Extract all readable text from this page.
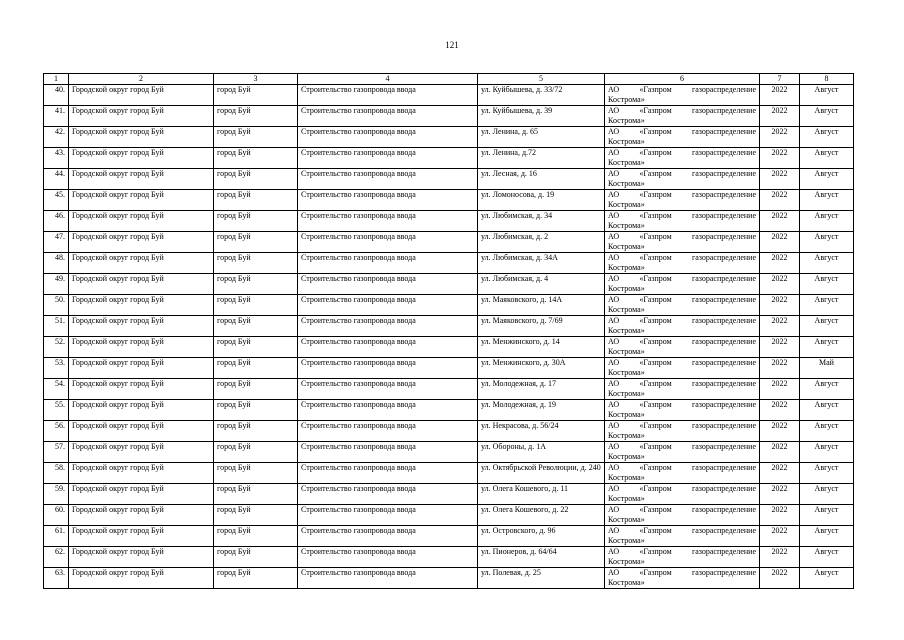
121
1	2	3	4	5	6	7	8
40.	Городской округ город Буй	город Буй	Строительство газопровода ввода	ул. Куйбышева, д. 33/72	АО «Газпром газораспределение
Кострома»	2022	Август
41.	Городской округ город Буй	город Буй	Строительство газопровода ввода	ул. Куйбышева, д. 39	АО «Газпром газораспределение
Кострома»	2022	Август
42.	Городской округ город Буй	город Буй	Строительство газопровода ввода	ул. Ленина, д. 65	АО «Газпром газораспределение
Кострома»	2022	Август
43.	Городской округ город Буй	город Буй	Строительство газопровода ввода	ул. Ленина, д.72	АО «Газпром газораспределение
Кострома»	2022	Август
44.	Городской округ город Буй	город Буй	Строительство газопровода ввода	ул. Лесная, д. 16	АО «Газпром газораспределение
Кострома»	2022	Август
45.	Городской округ город Буй	город Буй	Строительство газопровода ввода	ул. Ломоносова, д. 19	АО «Газпром газораспределение
Кострома»	2022	Август
46.	Городской округ город Буй	город Буй	Строительство газопровода ввода	ул. Любимская, д. 34	АО «Газпром газораспределение
Кострома»	2022	Август
47.	Городской округ город Буй	город Буй	Строительство газопровода ввода	ул. Любимская, д. 2	АО «Газпром газораспределение
Кострома»	2022	Август
48.	Городской округ город Буй	город Буй	Строительство газопровода ввода	ул. Любимская, д. 34А	АО «Газпром газораспределение
Кострома»	2022	Август
49.	Городской округ город Буй	город Буй	Строительство газопровода ввода	ул. Любимская, д. 4	АО «Газпром газораспределение
Кострома»	2022	Август
50.	Городской округ город Буй	город Буй	Строительство газопровода ввода	ул. Маяковского, д. 14А	АО «Газпром газораспределение
Кострома»	2022	Август
51.	Городской округ город Буй	город Буй	Строительство газопровода ввода	ул. Маяковского, д. 7/69	АО «Газпром газораспределение
Кострома»	2022	Август
52.	Городской округ город Буй	город Буй	Строительство газопровода ввода	ул. Менжинского, д. 14	АО «Газпром газораспределение
Кострома»	2022	Август
53.	Городской округ город Буй	город Буй	Строительство газопровода ввода	ул. Менжинского, д. 30А	АО «Газпром газораспределение
Кострома»	2022	Май
54.	Городской округ город Буй	город Буй	Строительство газопровода ввода	ул. Молодежная, д. 17	АО «Газпром газораспределение
Кострома»	2022	Август
55.	Городской округ город Буй	город Буй	Строительство газопровода ввода	ул. Молодежная, д. 19	АО «Газпром газораспределение
Кострома»	2022	Август
56.	Городской округ город Буй	город Буй	Строительство газопровода ввода	ул. Некрасова, д. 56/24	АО «Газпром газораспределение
Кострома»	2022	Август
57.	Городской округ город Буй	город Буй	Строительство газопровода ввода	ул. Обороны, д. 1А	АО «Газпром газораспределение
Кострома»	2022	Август
58.	Городской округ город Буй	город Буй	Строительство газопровода ввода	ул. Октябрьской Революции, д. 240	АО «Газпром газораспределение
Кострома»	2022	Август
59.	Городской округ город Буй	город Буй	Строительство газопровода ввода	ул. Олега Кошевого, д. 11	АО «Газпром газораспределение
Кострома»	2022	Август
60.	Городской округ город Буй	город Буй	Строительство газопровода ввода	ул. Олега Кошевого, д. 22	АО «Газпром газораспределение
Кострома»	2022	Август
61.	Городской округ город Буй	город Буй	Строительство газопровода ввода	ул. Островского, д. 96	АО «Газпром газораспределение
Кострома»	2022	Август
62.	Городской округ город Буй	город Буй	Строительство газопровода ввода	ул. Пионеров, д. 64/64	АО «Газпром газораспределение
Кострома»	2022	Август
63.	Городской округ город Буй	город Буй	Строительство газопровода ввода	ул. Полевая, д. 25	АО «Газпром газораспределение
Кострома»	2022	Август
